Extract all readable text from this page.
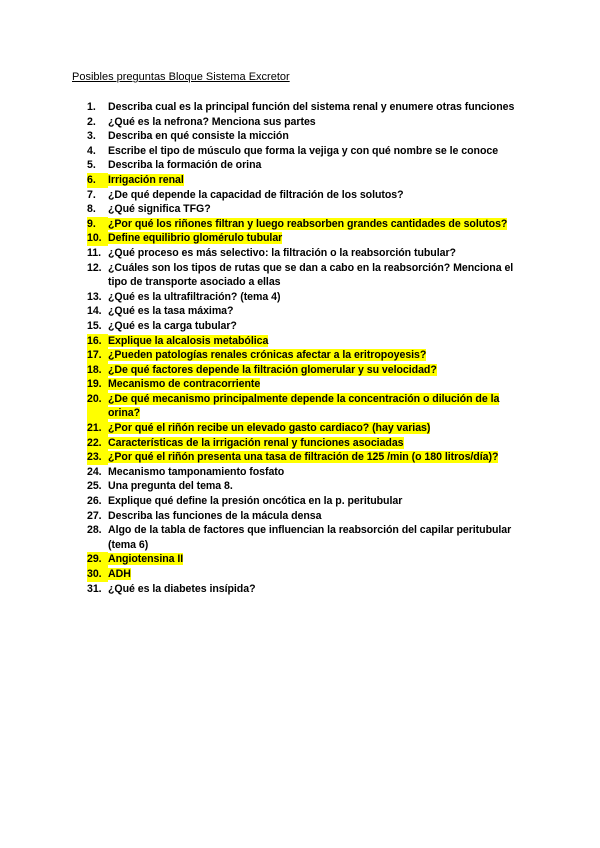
Posibles preguntas Bloque Sistema Excretor
1.	Describa cual es la principal función del sistema renal y enumere otras funciones
2.	¿Qué es la nefrona? Menciona sus partes
3.	Describa en qué consiste la micción
4.	Escribe el tipo de músculo que forma la vejiga y con qué nombre se le conoce
5.	Describa la formación de orina
6.	Irrigación renal
7.	¿De qué depende la capacidad de filtración de los solutos?
8.	¿Qué significa TFG?
9.	¿Por qué los riñones filtran y luego reabsorben grandes cantidades de solutos?
10. Define equilibrio glomérulo tubular
11. ¿Qué proceso es más selectivo: la filtración o la reabsorción tubular?
12. ¿Cuáles son los tipos de rutas que se dan a cabo en la reabsorción? Menciona el tipo de transporte asociado a ellas
13. ¿Qué es la ultrafiltración? (tema 4)
14. ¿Qué es la tasa máxima?
15. ¿Qué es la carga tubular?
16. Explique la alcalosis metabólica
17. ¿Pueden patologías renales crónicas afectar a la eritropoyesis?
18. ¿De qué factores depende la filtración glomerular y su velocidad?
19. Mecanismo de contracorriente
20. ¿De qué mecanismo principalmente depende la concentración o dilución de la orina?
21. ¿Por qué el riñón recibe un elevado gasto cardiaco? (hay varias)
22. Características de la irrigación renal y funciones asociadas
23. ¿Por qué el riñón presenta una tasa de filtración de 125 /min (o 180 litros/día)?
24. Mecanismo tamponamiento fosfato
25. Una pregunta del tema 8.
26. Explique qué define la presión oncótica en la p. peritubular
27. Describa las funciones de la mácula densa
28. Algo de la tabla de factores que influencian la reabsorción del capilar peritubular (tema 6)
29. Angiotensina II
30. ADH
31. ¿Qué es la diabetes insípida?
